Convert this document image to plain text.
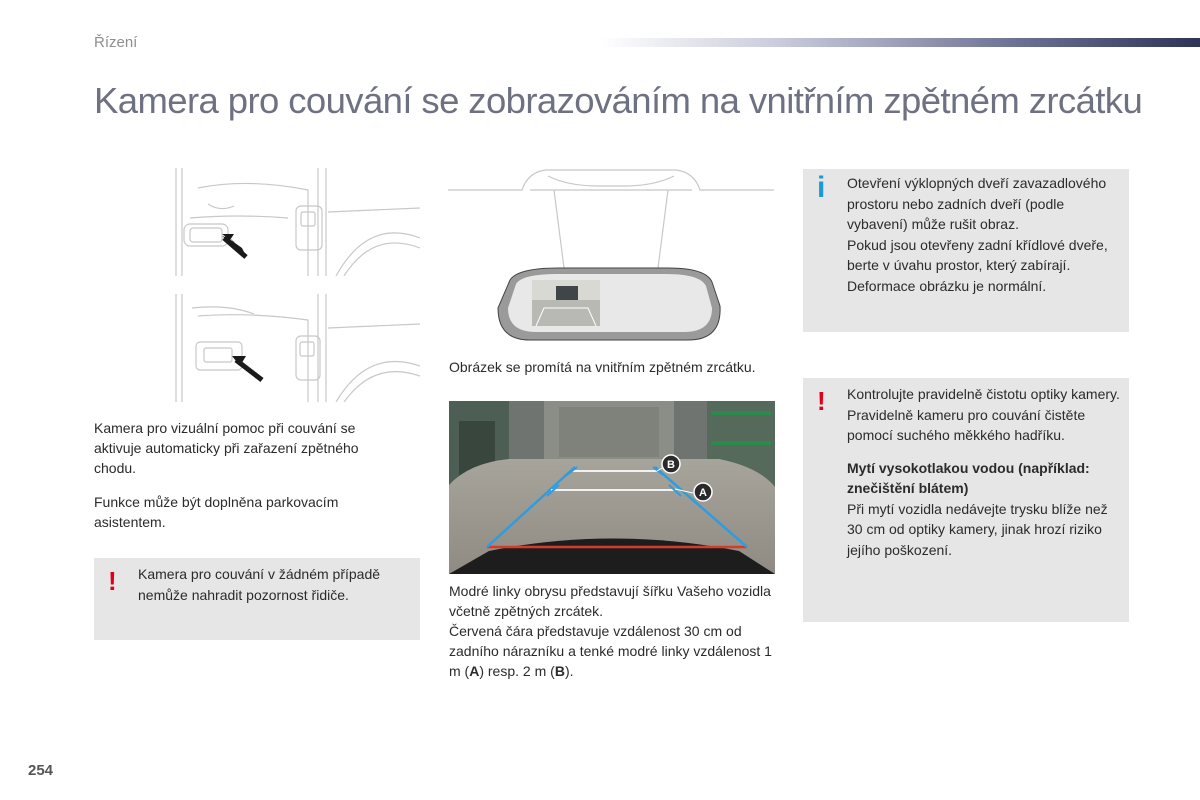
Řízení
Kamera pro couvání se zobrazováním na vnitřním zpětném zrcátku
Obrázek se promítá na vnitřním zpětném zrcátku.
A
B
Modré linky obrysu představují šířku Vašeho vozidla včetně zpětných zrcátek.
Červená čára představuje vzdálenost 30 cm od zadního nárazníku a tenké modré linky vzdálenost 1 m (A) resp. 2 m (B).

Kamera pro vizuální pomoc při couvání se aktivuje automaticky při zařazení zpětného chodu.

Funkce může být doplněna parkovacím asistentem.

! Kamera pro couvání v žádném případě nemůže nahradit pozornost řidiče.
i Otevření výklopných dveří zavazadlového prostoru nebo zadních dveří (podle vybavení) může rušit obraz.
Pokud jsou otevřeny zadní křídlové dveře, berte v úvahu prostor, který zabírají. Deformace obrázku je normální.
! Kontrolujte pravidelně čistotu optiky kamery.
Pravidelně kameru pro couvání čistěte pomocí suchého měkkého hadříku.
Mytí vysokotlakou vodou (například: znečištění blátem)
Při mytí vozidla nedávejte trysku blíže než 30 cm od optiky kamery, jinak hrozí riziko jejího poškození.
254
